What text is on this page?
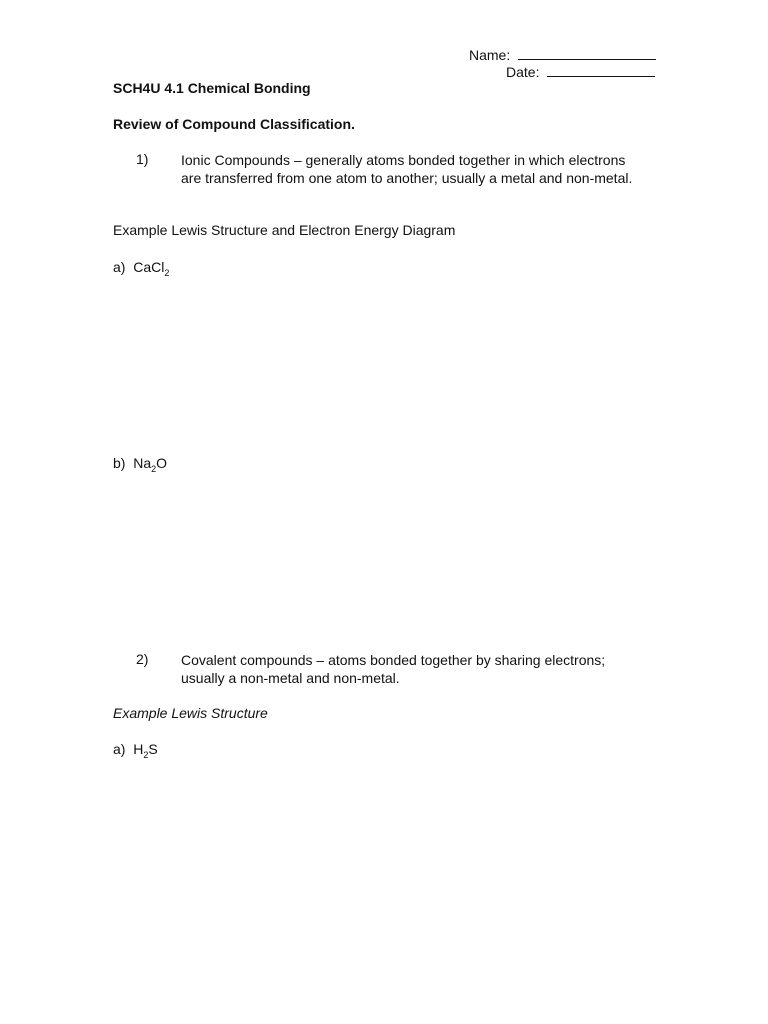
Name:
Date:
SCH4U 4.1 Chemical Bonding
Review of Compound Classification.
1) Ionic Compounds – generally atoms bonded together in which electrons are transferred from one atom to another; usually a metal and non-metal.
Example Lewis Structure and Electron Energy Diagram
a) CaCl$_2$
b) $Na_2O$
2) Covalent compounds – atoms bonded together by sharing electrons; usually a non-metal and non-metal.
Example Lewis Structure
a) $H_2S$
